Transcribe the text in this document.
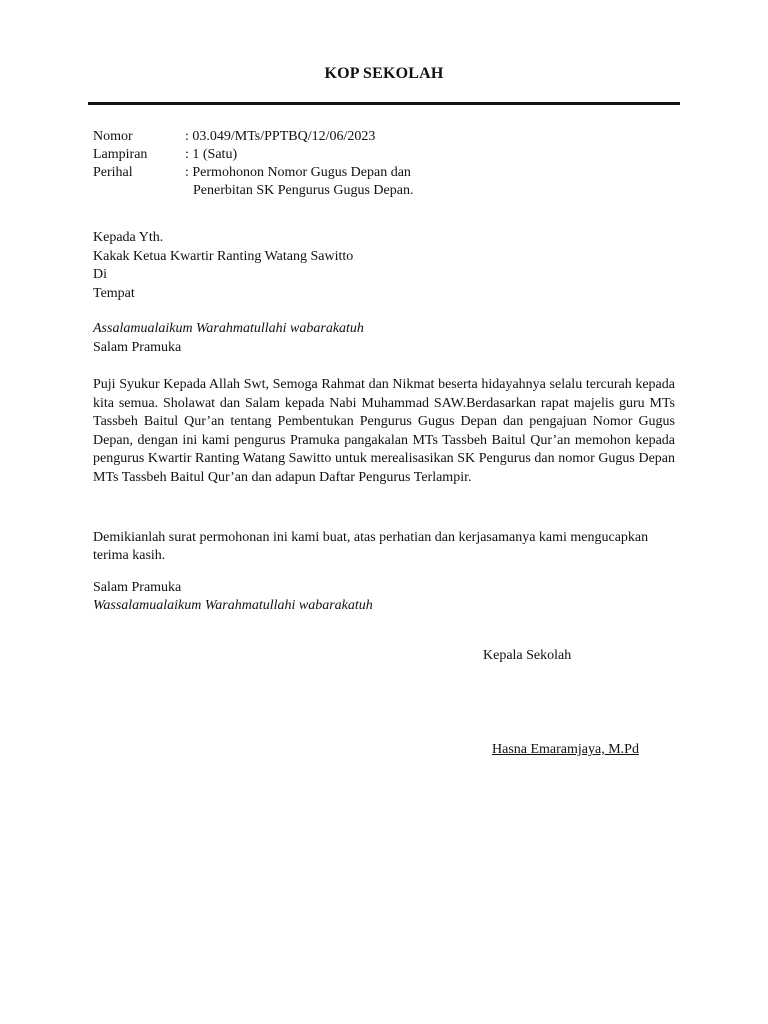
KOP SEKOLAH
Nomor	: 03.049/MTs/PPTBQ/12/06/2023
Lampiran	: 1 (Satu)
Perihal	: Permohonon Nomor Gugus Depan dan
Penerbitan SK Pengurus Gugus Depan.
Kepada Yth.
Kakak Ketua Kwartir Ranting Watang Sawitto
Di
Tempat
Assalamualaikum Warahmatullahi wabarakatuh
Salam Pramuka
Puji Syukur Kepada Allah Swt, Semoga Rahmat dan Nikmat beserta hidayahnya selalu tercurah kepada kita semua. Sholawat dan Salam kepada Nabi Muhammad SAW.Berdasarkan rapat majelis guru MTs Tassbeh Baitul Qur’an tentang Pembentukan Pengurus Gugus Depan dan pengajuan Nomor Gugus Depan, dengan ini kami pengurus Pramuka pangakalan MTs Tassbeh Baitul Qur’an memohon kepada pengurus Kwartir Ranting Watang Sawitto untuk merealisasikan SK Pengurus dan nomor Gugus Depan MTs Tassbeh Baitul Qur’an dan adapun Daftar Pengurus Terlampir.
Demikianlah surat permohonan ini kami buat, atas perhatian dan kerjasamanya kami mengucapkan terima kasih.
Salam Pramuka
Wassalamualaikum Warahmatullahi wabarakatuh
Kepala Sekolah
Hasna Emaramjaya, M.Pd
